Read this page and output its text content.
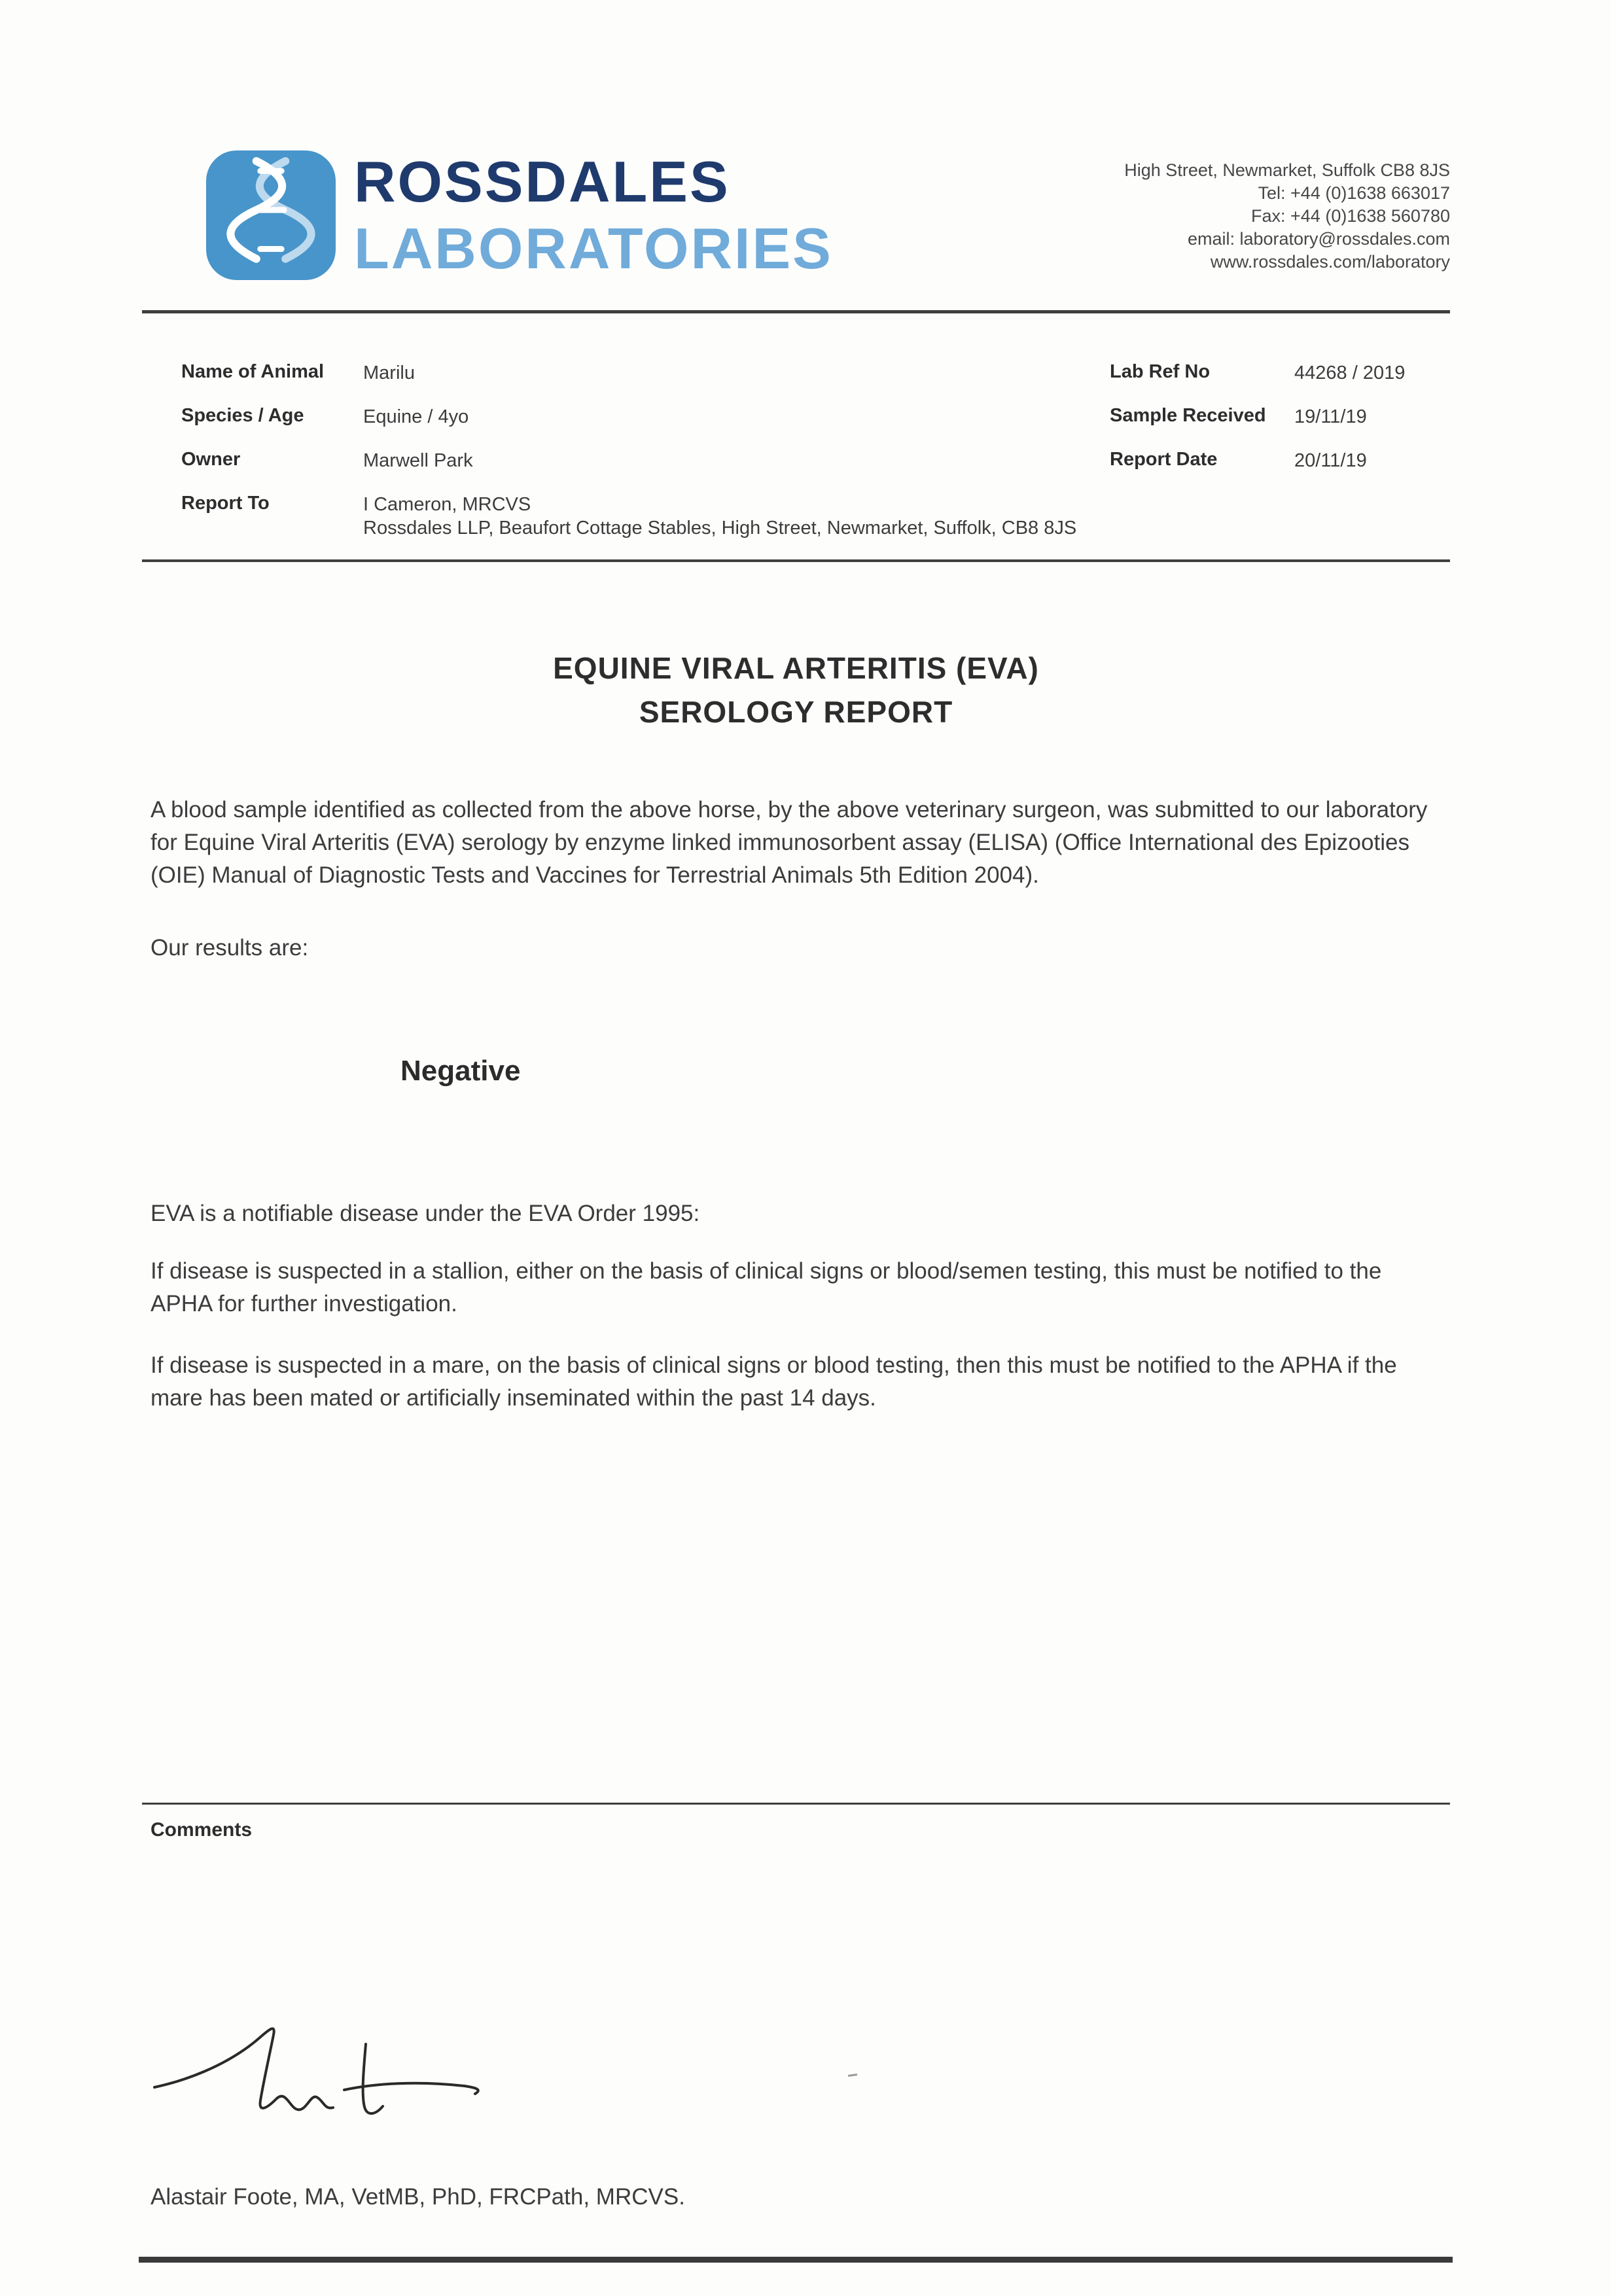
ROSSDALES
LABORATORIES
High Street, Newmarket, Suffolk CB8 8JS
Tel: +44 (0)1638 663017
Fax: +44 (0)1638 560780
email: laboratory@rossdales.com
www.rossdales.com/laboratory
Name of Animal	Marilu
Species / Age	Equine / 4yo
Owner	Marwell Park
Report To	I Cameron, MRCVS
Rossdales LLP, Beaufort Cottage Stables, High Street, Newmarket, Suffolk, CB8 8JS
Lab Ref No	44268 / 2019
Sample Received	19/11/19
Report Date	20/11/19
EQUINE VIRAL ARTERITIS (EVA)
SEROLOGY REPORT

A blood sample identified as collected from the above horse, by the above veterinary surgeon, was submitted to our laboratory for Equine Viral Arteritis (EVA) serology by enzyme linked immunosorbent assay (ELISA) (Office International des Epizooties (OIE) Manual of Diagnostic Tests and Vaccines for Terrestrial Animals 5th Edition 2004).

Our results are:

Negative

EVA is a notifiable disease under the EVA Order 1995:

If disease is suspected in a stallion, either on the basis of clinical signs or blood/semen testing, this must be notified to the APHA for further investigation.

If disease is suspected in a mare, on the basis of clinical signs or blood testing, then this must be notified to the APHA if the mare has been mated or artificially inseminated within the past 14 days.

Comments
Alastair Foote, MA, VetMB, PhD, FRCPath, MRCVS.
